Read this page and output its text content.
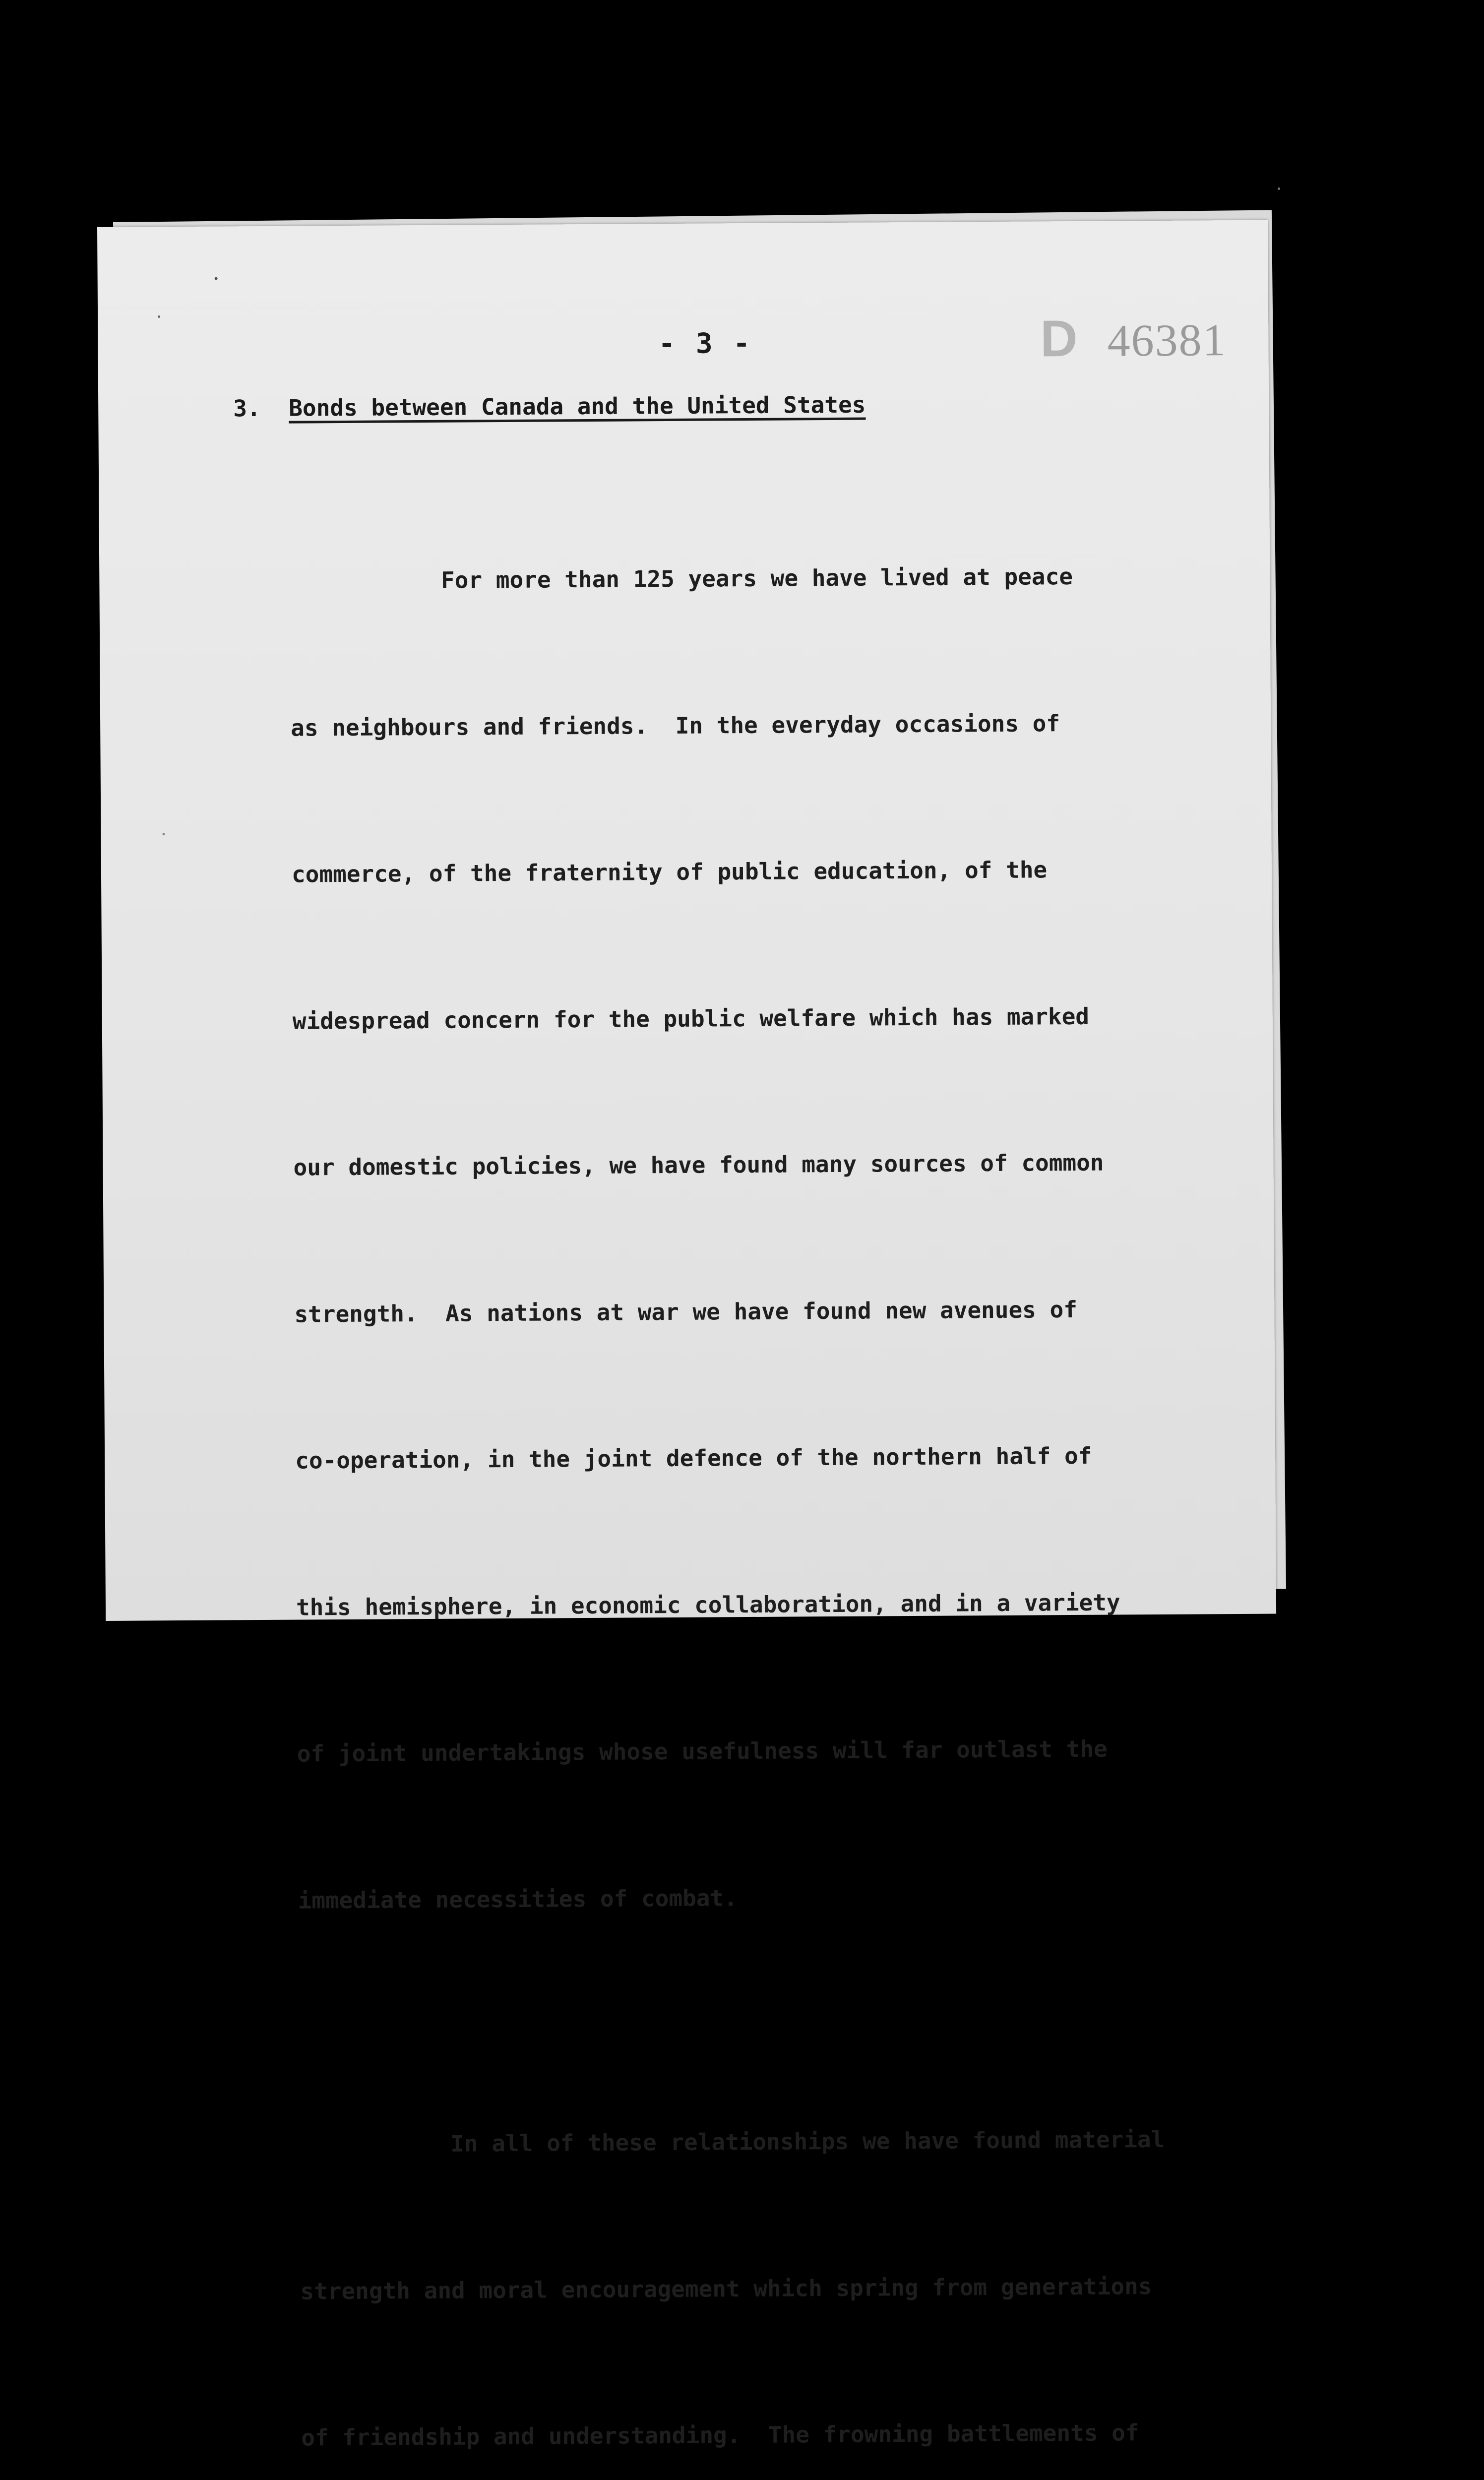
- 3 -	D 46381
3. Bonds between Canada and the United States

For more than 125 years we have lived at peace

as neighbours and friends.  In the everyday occasions of

commerce, of the fraternity of public education, of the

widespread concern for the public welfare which has marked

our domestic policies, we have found many sources of common

strength.  As nations at war we have found new avenues of

co-operation, in the joint defence of the northern half of

this hemisphere, in economic collaboration, and in a variety

of joint undertakings whose usefulness will far outlast the

immediate necessities of combat.

In all of these relationships we have found material

strength and moral encouragement which spring from generations

of friendship and understanding.  The frowning battlements of
